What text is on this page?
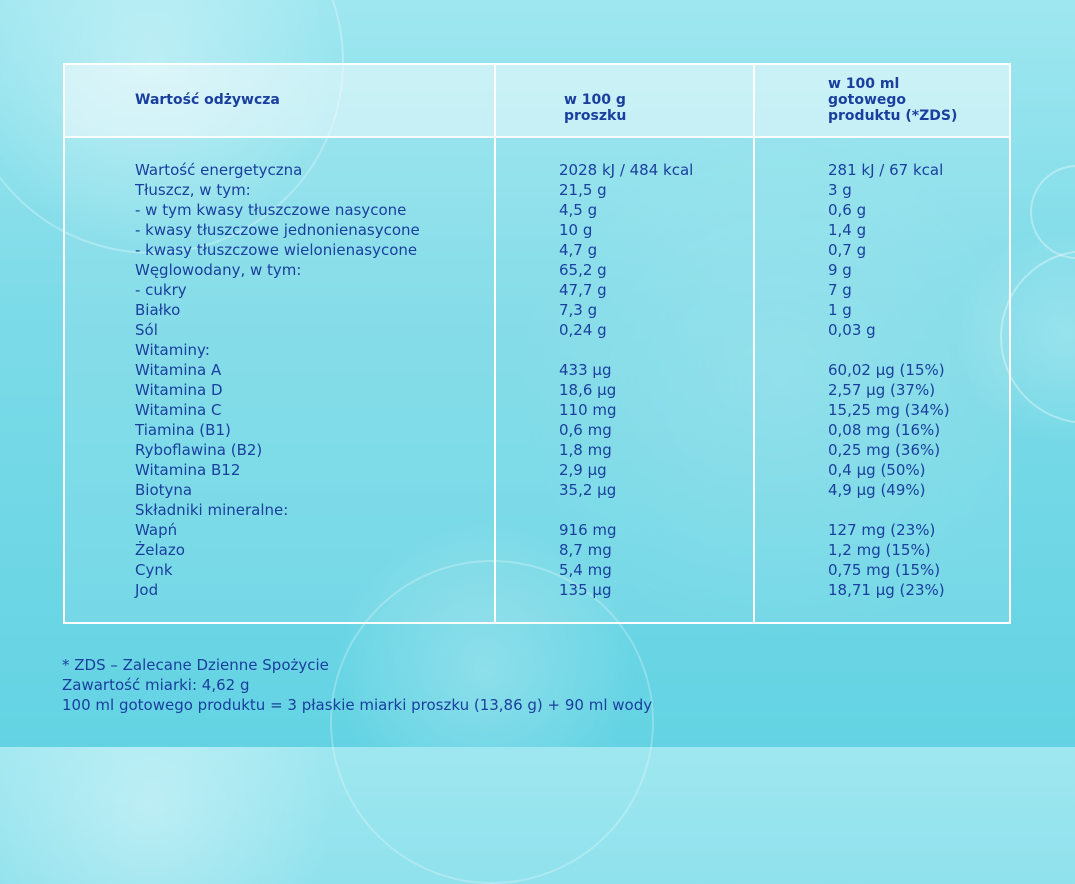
Wartość odżywcza	w 100 g
proszku
w 100 ml
gotowego
produktu (*ZDS)
Wartość energetyczna
Tłuszcz, w tym:
- w tym kwasy tłuszczowe nasycone
- kwasy tłuszczowe jednonienasycone
- kwasy tłuszczowe wielonienasycone
Węglowodany, w tym:
- cukry
Białko
Sól
Witaminy:
Witamina A
Witamina D
Witamina C
Tiamina (B1)
Ryboflawina (B2)
Witamina B12
Biotyna
Składniki mineralne:
Wapń
Żelazo
Cynk
Jod
2028 kJ / 484 kcal
21,5 g
4,5 g
10 g
4,7 g
65,2 g
47,7 g
7,3 g
0,24 g
433 µg
18,6 µg
110 mg
0,6 mg
1,8 mg
2,9 µg
35,2 µg
916 mg
8,7 mg
5,4 mg
135 µg
281 kJ / 67 kcal
3 g
0,6 g
1,4 g
0,7 g
9 g
7 g
1 g
0,03 g
60,02 µg (15%)
2,57 µg (37%)
15,25 mg (34%)
0,08 mg (16%)
0,25 mg (36%)
0,4 µg (50%)
4,9 µg (49%)
127 mg (23%)
1,2 mg (15%)
0,75 mg (15%)
18,71 µg (23%)
* ZDS – Zalecane Dzienne Spożycie
Zawartość miarki: 4,62 g
100 ml gotowego produktu = 3 płaskie miarki proszku (13,86 g) + 90 ml wody
